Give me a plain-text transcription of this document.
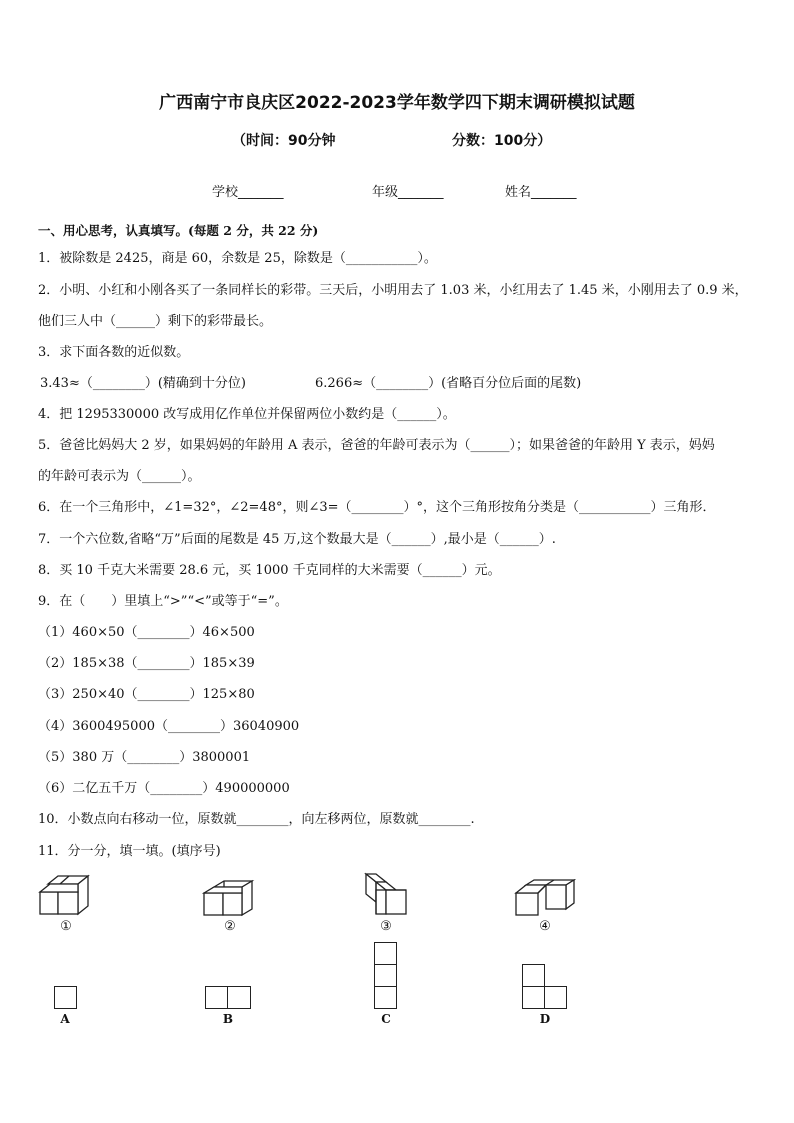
广西南宁市良庆区2022-2023学年数学四下期末调研模拟试题
（时间：90分钟	分数：100分）
学校_______	年级_______	姓名_______
一、用心思考，认真填写。(每题 2 分，共 22 分)
1．被除数是 2425，商是 60，余数是 25，除数是（___________）。
2．小明、小红和小刚各买了一条同样长的彩带。三天后，小明用去了 1.03 米，小红用去了 1.45 米，小刚用去了 0.9 米，
他们三人中（______）剩下的彩带最长。
3．求下面各数的近似数。
3.43≈（________）(精确到十分位)	6.266≈（________）(省略百分位后面的尾数)
4．把 1295330000 改写成用亿作单位并保留两位小数约是（______）。
5．爸爸比妈妈大 2 岁，如果妈妈的年龄用 A 表示，爸爸的年龄可表示为（______）；如果爸爸的年龄用 Y 表示，妈妈
的年龄可表示为（______）。
6．在一个三角形中，∠1=32°，∠2=48°，则∠3=（________）°，这个三角形按角分类是（___________）三角形．
7．一个六位数,省略“万”后面的尾数是 45 万,这个数最大是（______）,最小是（______）.
8．买 10 千克大米需要 28.6 元，买 1000 千克同样的大米需要（______）元。
9．在（　　）里填上“>”“<”或等于“=”。
（1）460×50（________）46×500
（2）185×38（________）185×39
（3）250×40（________）125×80
（4）3600495000（________）36040900
（5）380 万（________）3800001
（6）二亿五千万（________）490000000
10．小数点向右移动一位，原数就________，向左移两位，原数就________.
11．分一分，填一填。(填序号)
①	②	③	④
A	B	C	D
